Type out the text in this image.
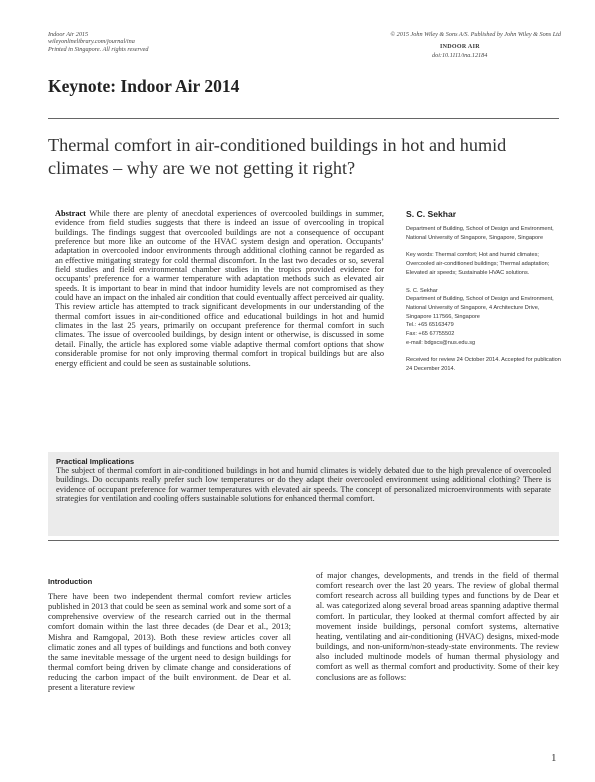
Indoor Air 2015
wileyonlinelibrary.com/journal/ina
Printed in Singapore. All rights reserved
© 2015 John Wiley & Sons A/S. Published by John Wiley & Sons Ltd
INDOOR AIR
doi:10.1111/ina.12184
Keynote: Indoor Air 2014
Thermal comfort in air-conditioned buildings in hot and humid climates – why are we not getting it right?
Abstract While there are plenty of anecdotal experiences of overcooled buildings in summer, evidence from field studies suggests that there is indeed an issue of overcooling in tropical buildings. The findings suggest that overcooled buildings are not a consequence of occupant preference but more like an outcome of the HVAC system design and operation. Occupants’ adaptation in overcooled indoor environments through additional clothing cannot be regarded as an effective mitigating strategy for cold thermal discomfort. In the last two decades or so, several field studies and field environmental chamber studies in the tropics provided evidence for occupants’ preference for a warmer temperature with adaptation methods such as elevated air speeds. It is important to bear in mind that indoor humidity levels are not compromised as they could have an impact on the inhaled air condition that could eventually affect perceived air quality. This review article has attempted to track significant developments in our understanding of the thermal comfort issues in air-conditioned office and educational buildings in hot and humid climates in the last 25 years, primarily on occupant preference for thermal comfort in such climates. The issue of overcooled buildings, by design intent or otherwise, is discussed in some detail. Finally, the article has explored some viable adaptive thermal comfort options that show considerable promise for not only improving thermal comfort in tropical buildings but are also energy efficient and could be seen as sustainable solutions.
S. C. Sekhar
Department of Building, School of Design and Environment, National University of Singapore, Singapore, Singapore
Key words: Thermal comfort; Hot and humid climates; Overcooled air-conditioned buildings; Thermal adaptation; Elevated air speeds; Sustainable HVAC solutions.
S. C. Sekhar
Department of Building, School of Design and Environment, National University of Singapore, 4 Architecture Drive, Singapore 117566, Singapore
Tel.: +65 65163479
Fax: +65 67755502
e-mail: bdgscs@nus.edu.sg
Received for review 24 October 2014. Accepted for publication 24 December 2014.
Practical Implications
The subject of thermal comfort in air-conditioned buildings in hot and humid climates is widely debated due to the high prevalence of overcooled buildings. Do occupants really prefer such low temperatures or do they adapt their overcooled environment using additional clothing? There is evidence of occupant preference for warmer temperatures with elevated air speeds. The concept of personalized microenvironments with separate strategies for ventilation and cooling offers sustainable solutions for enhanced thermal comfort.
Introduction
There have been two independent thermal comfort review articles published in 2013 that could be seen as seminal work and some sort of a comprehensive overview of the research carried out in the thermal comfort domain within the last three decades (de Dear et al., 2013; Mishra and Ramgopal, 2013). Both these review articles cover all climatic zones and all types of buildings and functions and both convey the same inevitable message of the urgent need to design buildings for thermal comfort being driven by climate change and considerations of reducing the carbon impact of the built environment. de Dear et al. present a literature review
of major changes, developments, and trends in the field of thermal comfort research over the last 20 years. The review of global thermal comfort research across all building types and functions by de Dear et al. was categorized along several broad areas spanning adaptive thermal comfort. In particular, they looked at thermal comfort affected by air movement inside buildings, personal comfort systems, alternative heating, ventilating and air-conditioning (HVAC) designs, mixed-mode buildings, and non-uniform/non-steady-state environments. The review also included multinode models of human thermal physiology and comfort as well as thermal comfort and productivity. Some of their key conclusions are as follows:
1
